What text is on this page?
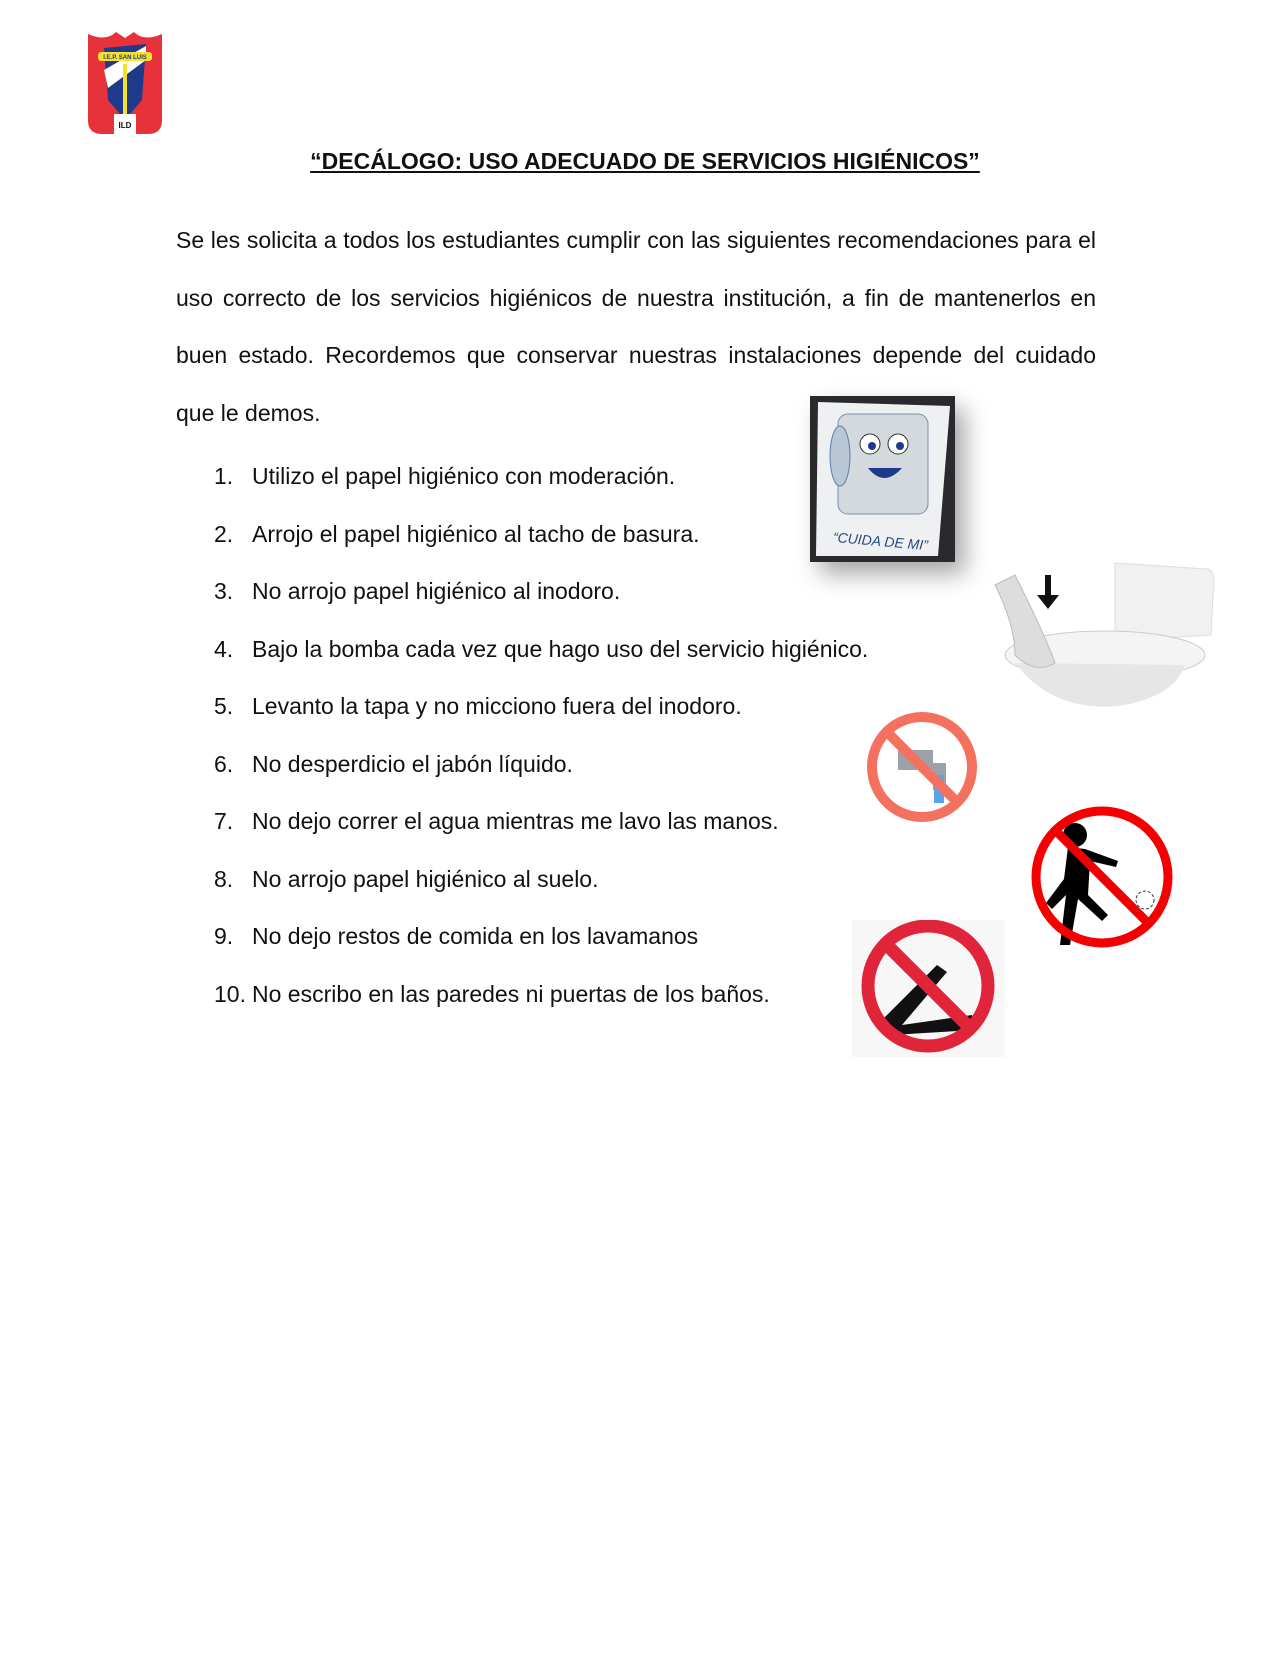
I.E.P. SAN LUIS
ILD
“DECÁLOGO: USO ADECUADO DE SERVICIOS HIGIÉNICOS”

Se les solicita a todos los estudiantes cumplir con las siguientes recomendaciones para el uso correcto de los servicios higiénicos de nuestra institución, a fin de mantenerlos en buen estado. Recordemos que conservar nuestras instalaciones depende del cuidado que le demos.

1. Utilizo el papel higiénico con moderación.
2. Arrojo el papel higiénico al tacho de basura.
3. No arrojo papel higiénico al inodoro.
4. Bajo la bomba cada vez que hago uso del servicio higiénico.
5. Levanto la tapa y no micciono fuera del inodoro.
6. No desperdicio el jabón líquido.
7. No dejo correr el agua mientras me lavo las manos.
8. No arrojo papel higiénico al suelo.
9. No dejo restos de comida en los lavamanos
10. No escribo en las paredes ni puertas de los baños.
“CUIDA DE MI”
